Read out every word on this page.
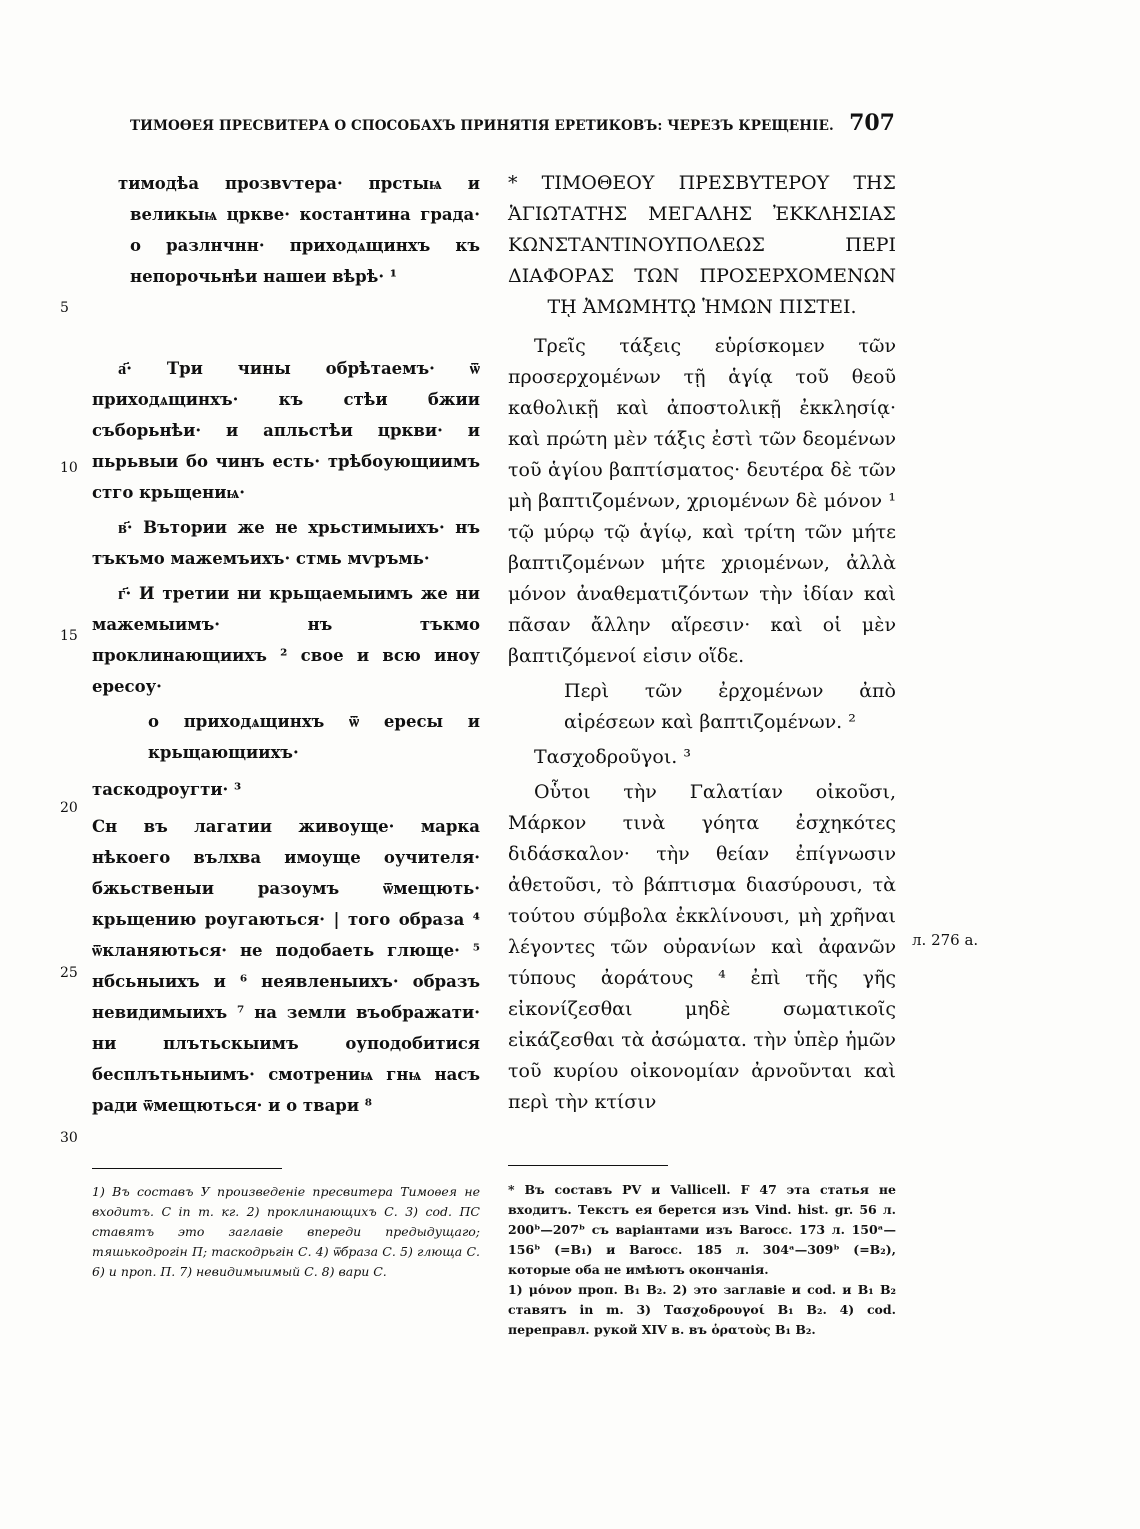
ТИМОѲЕЯ ПРЕСВИТЕРА О СПОСОБАХЪ ПРИНЯТІЯ ЕРЕТИКОВЪ: ЧЕРЕЗЪ КРЕЩЕНІЕ. 707
5
10
15
20
25
30

тимодѣа прозвѵтера· прстыѩ и великыѩ цркве· костантина града· о разлнчнн· приходѧщинхъ къ непорочьнѣи нашеи вѣрѣ· ¹

а҃· Три чины обрѣтаемъ· ѿ приходѧщинхъ· къ стѣи бжии съборьнѣи· и апльстѣи цркви· и пьрьвыи бо чинъ есть· трѣбоующиимъ стго крьщениѩ·

в҃· Вътории же не хрьстимыихъ· нъ тъкъмо мажемъихъ· стмь мѵръмь·

г҃· И третии ни крьщаемыимъ же ни мажемыимъ· нъ тъкмо проклинающиихъ ² свое и всю иноу ересоу·

о приходѧщинхъ ѿ ересы и крьщающиихъ·

таскодроугти· ³

Сн въ лагатии живоуще· марка нѣкоего вълхва имоуще оучителя· бжьственыи разоумъ ѿмещють· крьщению роугаються· | того образа ⁴ ѿкланяються· не подобаеть глюще· ⁵ нбсьныихъ и ⁶ неявленыихъ· образъ невидимыихъ ⁷ на земли въображати· ни плътьскыимъ оуподобитися бесплътьныимъ· смотрениѩ гнѩ насъ ради ѿмещються· и о твари ⁸

* ΤΙΜΟΘΕΟΥ ΠΡΕΣΒΥΤΕΡΟΥ ΤΗΣ ἉΓΙΩΤΑΤΗΣ ΜΕΓΑΛΗΣ ἘΚΚΛΗΣΙΑΣ ΚΩΝΣΤΑΝΤΙΝΟΥΠΟΛΕΩΣ ΠΕΡΙ ΔΙΑΦΟΡΑΣ ΤΩΝ ΠΡΟΣΕΡΧΟΜΕΝΩΝ Τῌ ἈΜΩΜΗΤῼ ἩΜΩΝ ΠΙΣΤΕΙ.

Τρεῖς τάξεις εὑρίσκομεν τῶν προσερχομένων τῇ ἁγίᾳ τοῦ θεοῦ καθολικῇ καὶ ἀποστολικῇ ἐκκλησίᾳ· καὶ πρώτη μὲν τάξις ἐστὶ τῶν δεομένων τοῦ ἁγίου βαπτίσματος· δευτέρα δὲ τῶν μὴ βαπτιζομένων, χριομένων δὲ μόνον ¹ τῷ μύρῳ τῷ ἁγίῳ, καὶ τρίτη τῶν μήτε βαπτιζομένων μήτε χριομένων, ἀλλὰ μόνον ἀναθεματιζόντων τὴν ἰδίαν καὶ πᾶσαν ἄλλην αἵρεσιν· καὶ οἱ μὲν βαπτιζόμενοί εἰσιν οἵδε.

Περὶ τῶν ἐρχομένων ἀπὸ αἱρέσεων καὶ βαπτιζομένων. ²

Τασχοδροῦγοι. ³

Οὗτοι τὴν Γαλατίαν οἰκοῦσι, Μάρκον τινὰ γόητα ἐσχηκότες διδάσκαλον· τὴν θείαν ἐπίγνωσιν ἀθετοῦσι, τὸ βάπτισμα διασύρουσι, τὰ τούτου σύμβολα ἐκκλίνουσι, μὴ χρῆναι λέγοντες τῶν οὐρανίων καὶ ἀφανῶν τύπους ἀοράτους ⁴ ἐπὶ τῆς γῆς εἰκονίζεσθαι μηδὲ σωματικοῖς εἰκάζεσθαι τὰ ἀσώματα. τὴν ὑπὲρ ἡμῶν τοῦ κυρίου οἰκονομίαν ἀρνοῦνται καὶ περὶ τὴν κτίσιν

л. 276 а.

1) Въ составъ У произведеніе пресвитера Тимоѳея не входитъ. С in m. кг. 2) проклинающихъ С. 3) cod. ПС ставятъ это заглавіе впереди предыдущаго; тяшькодрогін П; таскодрьгін С. 4) ѿбраза С. 5) глюща С. 6) и проп. П. 7) невидимыимый С. 8) вари С.

* Въ составъ PV и Vallicell. F 47 эта статья не входитъ. Текстъ ея берется изъ Vind. hist. gr. 56 л. 200ᵇ—207ᵇ съ варіантами изъ Barocc. 173 л. 150ᵃ—156ᵇ (=B₁) и Barocc. 185 л. 304ᵃ—309ᵇ (=B₂), которые оба не имѣютъ окончанія.

1) μόνον проп. B₁ B₂. 2) это заглавіе и cod. и B₁ B₂ ставятъ in m. 3) Τασχοδρουγοί B₁ B₂. 4) cod. переправл. рукой XIV в. въ ὁρατοὺς B₁ B₂.
